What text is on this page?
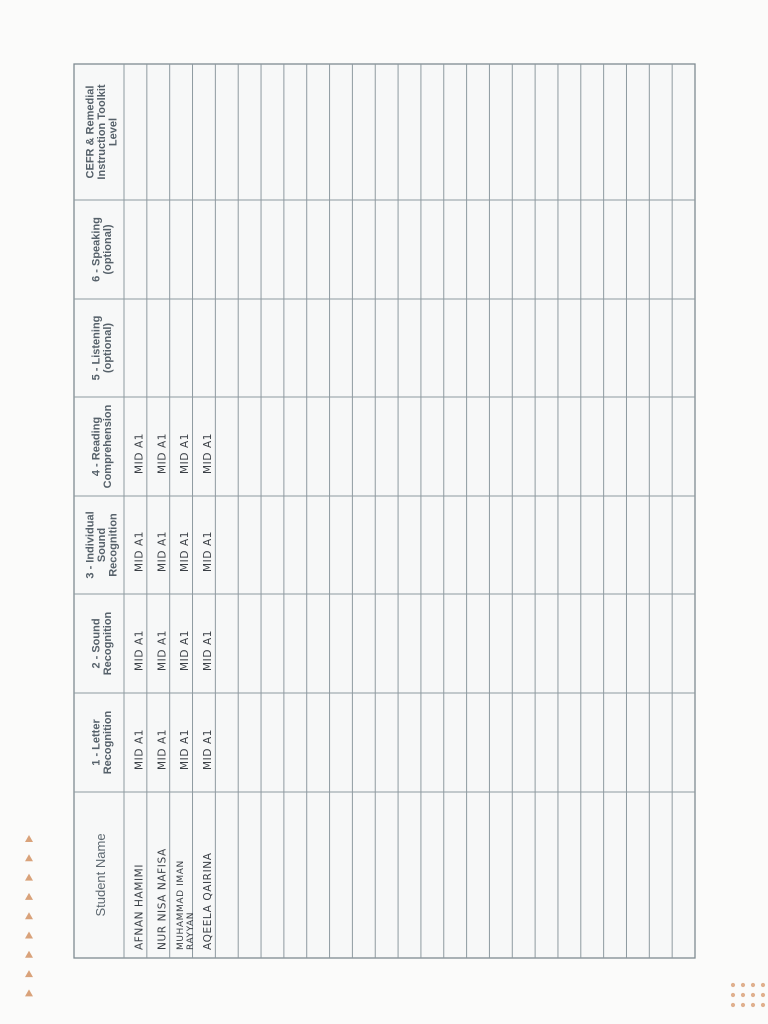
Student Name
1 - Letter Recognition
2 - Sound Recognition
3 - Individual Sound Recognition
4 - Reading Comprehension
5 - Listening (optional)
6 - Speaking (optional)
CEFR & Remedial Instruction Toolkit Level
AFNAN HAMIMI
MID A1
MID A1
MID A1
MID A1
NUR NISA NAFISA
MID A1
MID A1
MID A1
MID A1
MUHAMMAD IMAN RAYYAN
MID A1
MID A1
MID A1
MID A1
AQEELA QAIRINA
MID A1
MID A1
MID A1
MID A1
